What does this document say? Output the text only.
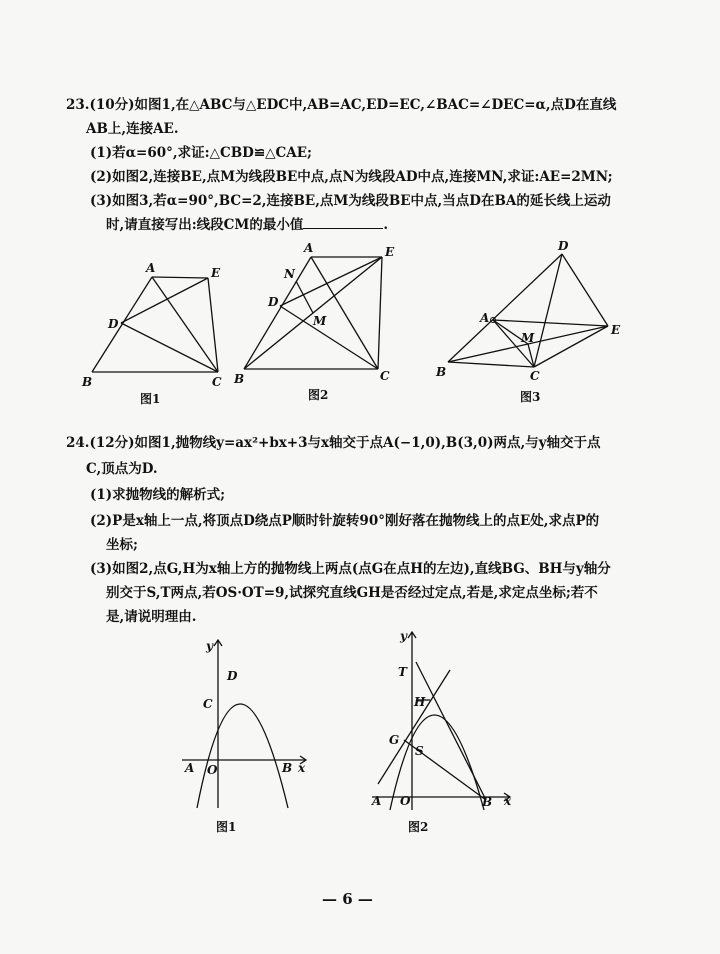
23.(10分)如图1,在△ABC与△EDC中,AB=AC,ED=EC,∠BAC=∠DEC=α,点D在直线
AB上,连接AE.
(1)若α=60°,求证:△CBD≌△CAE;
(2)如图2,连接BE,点M为线段BE中点,点N为线段AD中点,连接MN,求证:AE=2MN;
(3)如图3,若α=90°,BC=2,连接BE,点M为线段BE中点,当点D在BA的延长线上运动
时,请直接写出:线段CM的最小值	.
A	E
D
B	C
图1
A	E
N
D
M
B	C
图2
A
D
E
M
B	C
图3
24.(12分)如图1,抛物线y=ax²+bx+3与x轴交于点A(−1,0),B(3,0)两点,与y轴交于点
C,顶点为D.
(1)求抛物线的解析式;
(2)P是x轴上一点,将顶点D绕点P顺时针旋转90°刚好落在抛物线上的点E处,求点P的
坐标;
(3)如图2,点G,H为x轴上方的抛物线上两点(点G在点H的左边),直线BG、BH与y轴分
别交于S,T两点,若OS·OT=9,试探究直线GH是否经过定点,若是,求定点坐标;若不
是,请说明理由.
y
x
D
C
A O	B
图1
y
x
T
H
G
S
A O	B
图2
— 6 —
